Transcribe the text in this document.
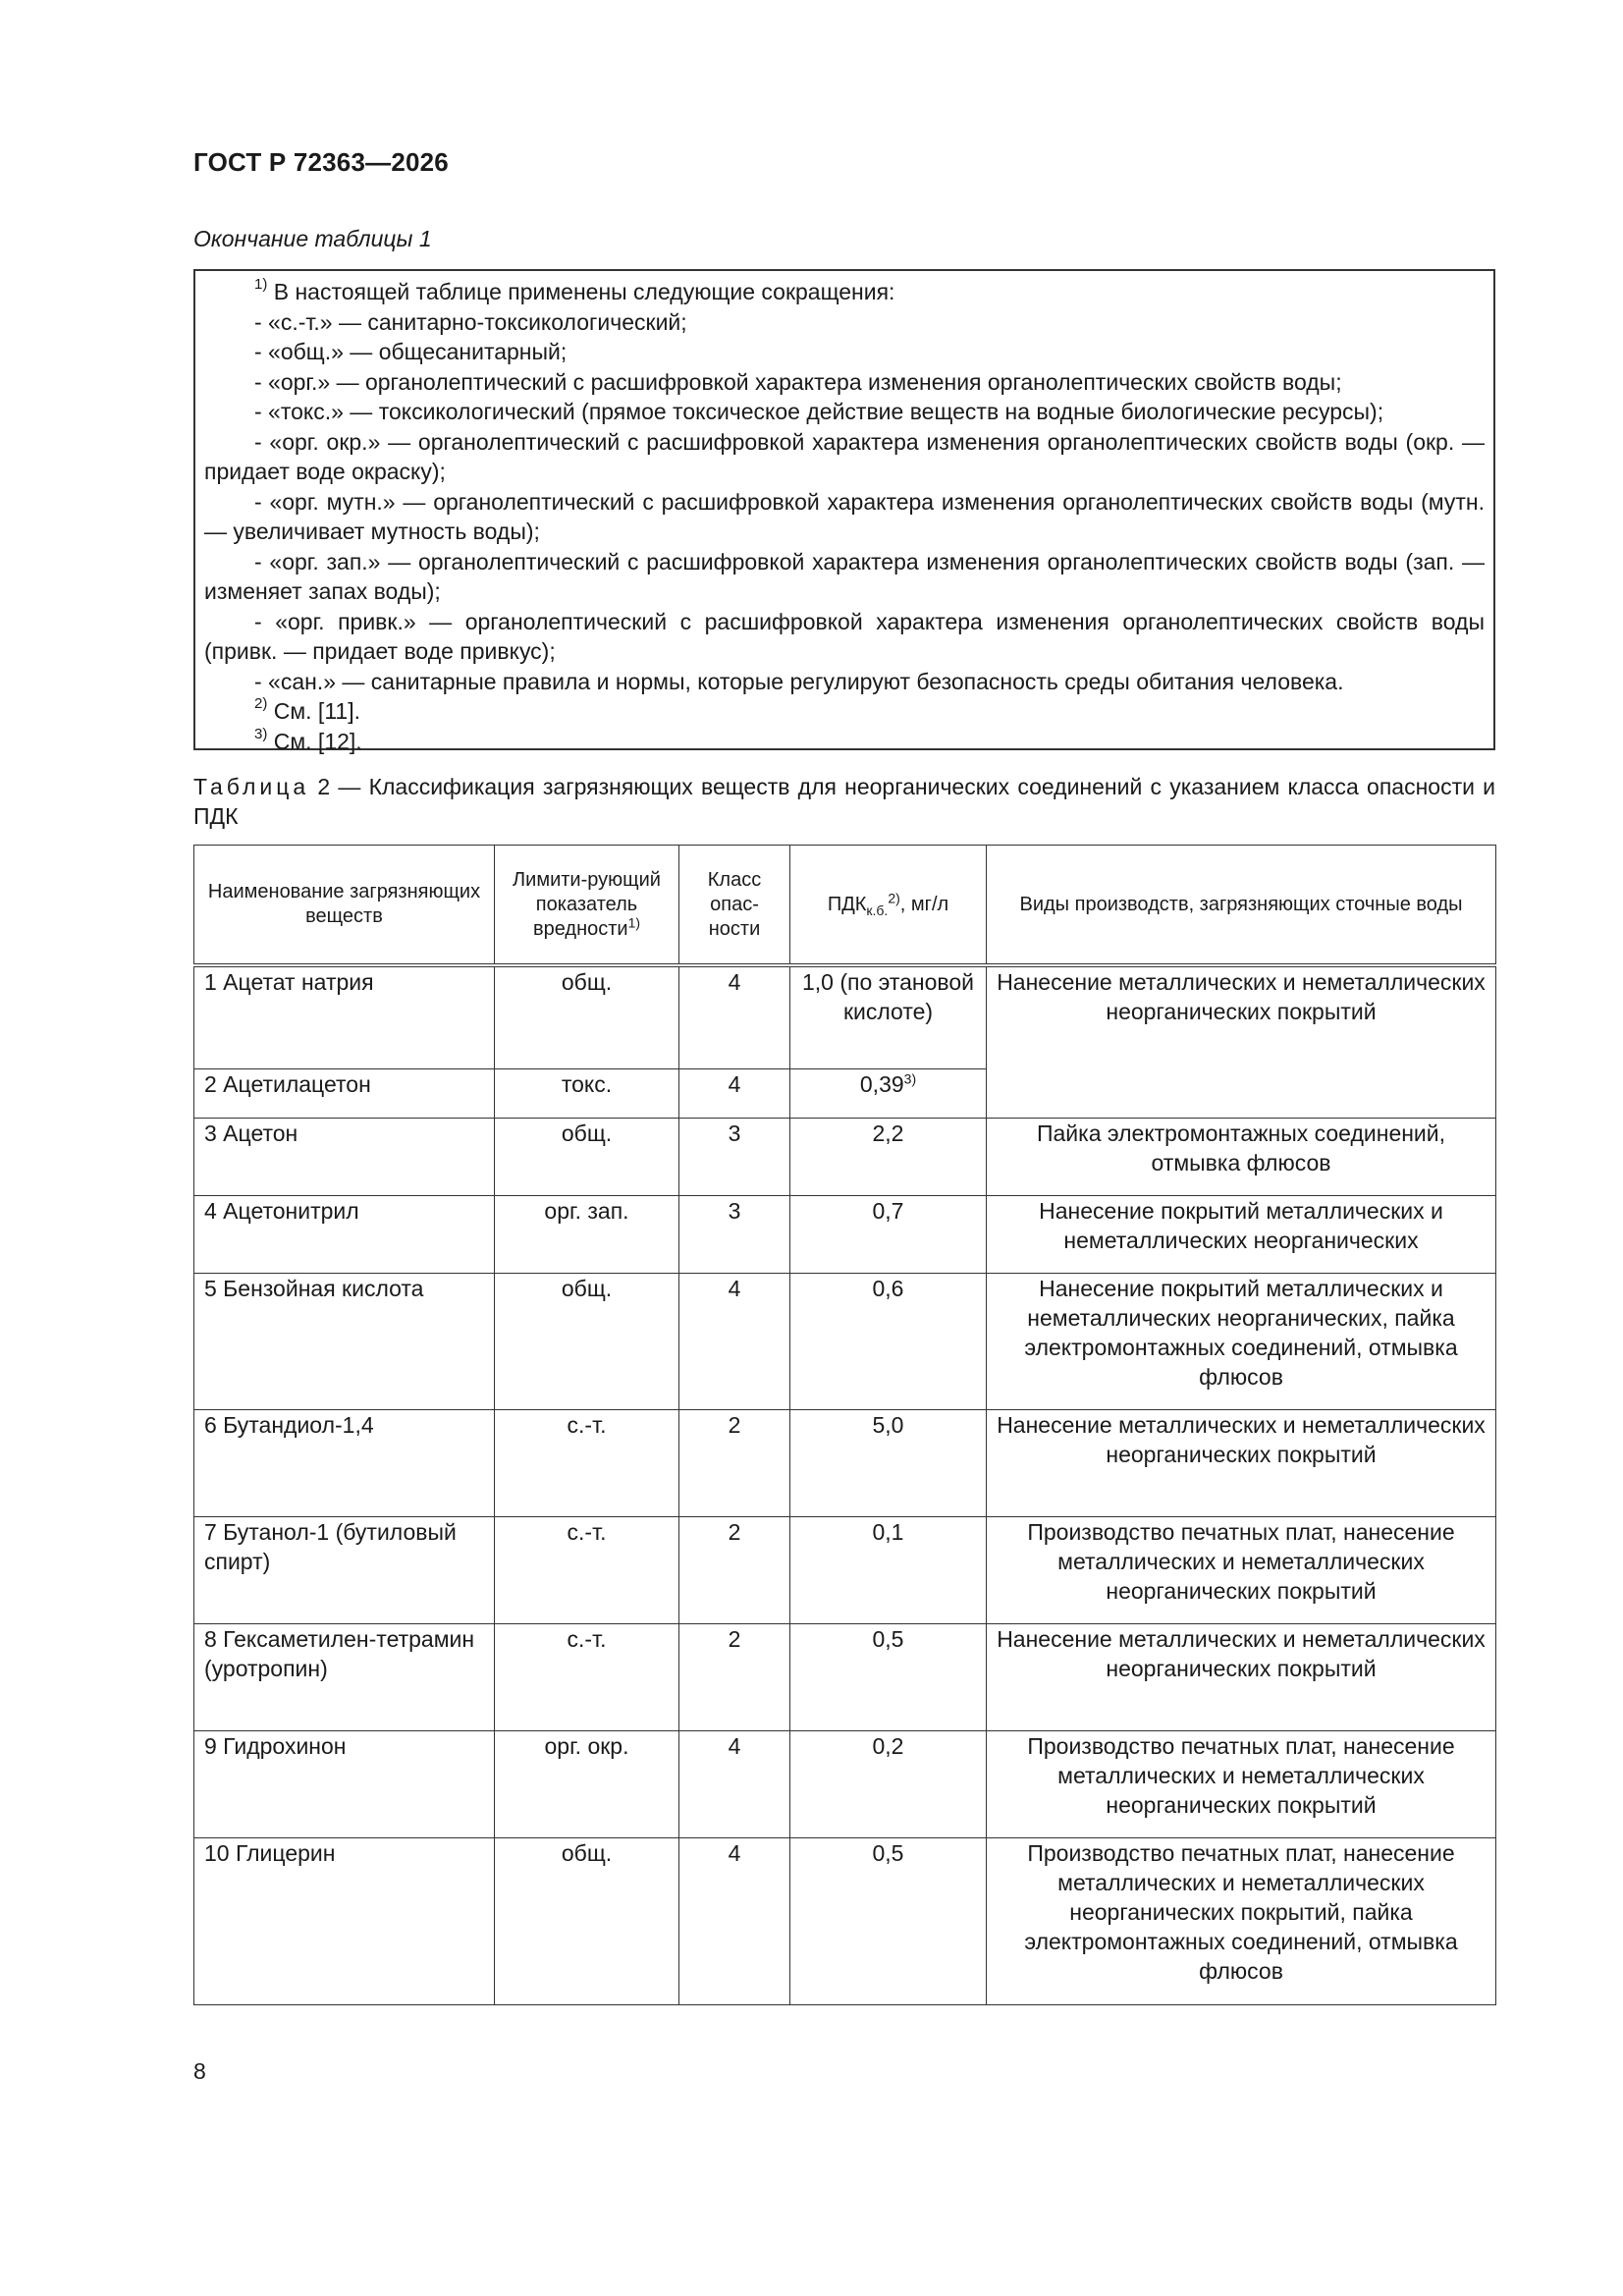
ГОСТ Р 72363—2026
Окончание таблицы 1

$^{1)}$ В настоящей таблице применены следующие сокращения:

- «с.-т.» — санитарно-токсикологический;

- «общ.» — общесанитарный;

- «орг.» — органолептический с расшифровкой характера изменения органолептических свойств воды;

- «токс.» — токсикологический (прямое токсическое действие веществ на водные биологические ресурсы);

- «орг. окр.» — органолептический с расшифровкой характера изменения органолептических свойств воды (окр. — придает воде окраску);

- «орг. мутн.» — органолептический с расшифровкой характера изменения органолептических свойств воды (мутн. — увеличивает мутность воды);

- «орг. зап.» — органолептический с расшифровкой характера изменения органолептических свойств воды (зап. — изменяет запах воды);

- «орг. привк.» — органолептический с расшифровкой характера изменения органолептических свойств воды (привк. — придает воде привкус);

- «сан.» — санитарные правила и нормы, которые регулируют безопасность среды обитания человека.

$^{2)}$ См. [11].

$^{3)}$ См. [12].

Таблица 2 — Классификация загрязняющих веществ для неорганических соединений с указанием класса опасности и ПДК
Наименование загрязняющих веществ	Лимити-рующий показатель вредности$^{1)}$	Класс опас-ности	$ПДК_{к.б.}^{2)}$, мг/л	Виды производств, загрязняющих сточные воды
1 Ацетат натрия	общ.	4	1,0 (по этановой кислоте)	Нанесение металлических и неметаллических неорганических покрытий
2 Ацетилацетон	токс.	4	0,39$^{3)}$
3 Ацетон	общ.	3	2,2	Пайка электромонтажных соединений, отмывка флюсов
4 Ацетонитрил	орг. зап.	3	0,7	Нанесение покрытий металлических и неметаллических неорганических
5 Бензойная кислота	общ.	4	0,6	Нанесение покрытий металлических и неметаллических неорганических, пайка электромонтажных соединений, отмывка флюсов
6 Бутандиол-1,4	с.-т.	2	5,0	Нанесение металлических и неметаллических неорганических покрытий
7 Бутанол-1 (бутиловый спирт)	с.-т.	2	0,1	Производство печатных плат, нанесение металлических и неметаллических неорганических покрытий
8 Гексаметилен-тетрамин (уротропин)	с.-т.	2	0,5	Нанесение металлических и неметаллических неорганических покрытий
9 Гидрохинон	орг. окр.	4	0,2	Производство печатных плат, нанесение металлических и неметаллических неорганических покрытий
10 Глицерин	общ.	4	0,5	Производство печатных плат, нанесение металлических и неметаллических неорганических покрытий, пайка электромонтажных соединений, отмывка флюсов
8
